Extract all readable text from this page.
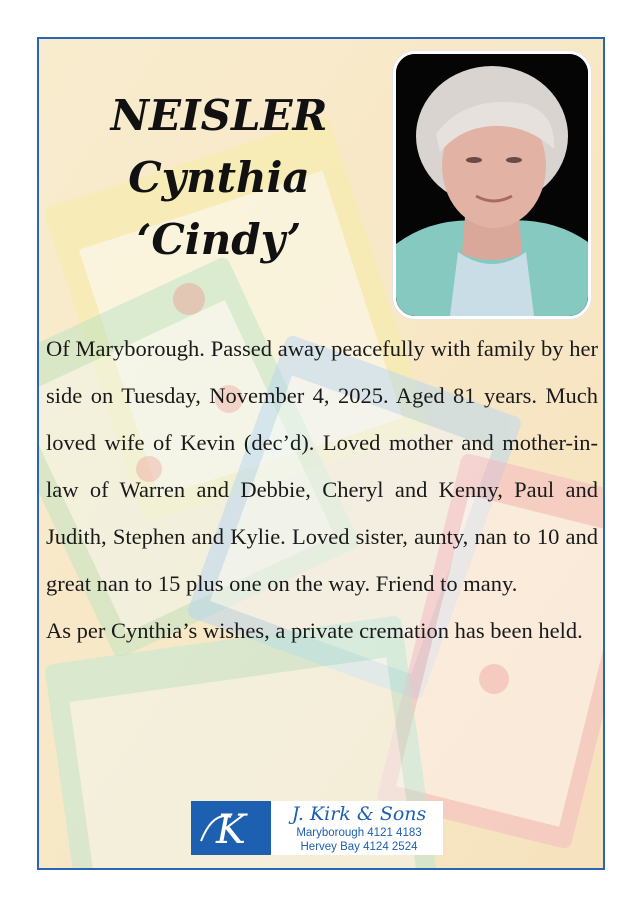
NEISLER
Cynthia
‘Cindy’

Of Maryborough. Passed away peacefully with family by her side on Tuesday, November 4, 2025. Aged 81 years. Much loved wife of Kevin (dec’d). Loved mother and mother-in-law of Warren and Debbie, Cheryl and Kenny, Paul and Judith, Stephen and Kylie. Loved sister, aunty, nan to 10 and great nan to 15 plus one on the way. Friend to many.

As per Cynthia’s wishes, a private cremation has been held.

K	J. Kirk & Sons
Maryborough 4121 4183
Hervey Bay 4124 2524
